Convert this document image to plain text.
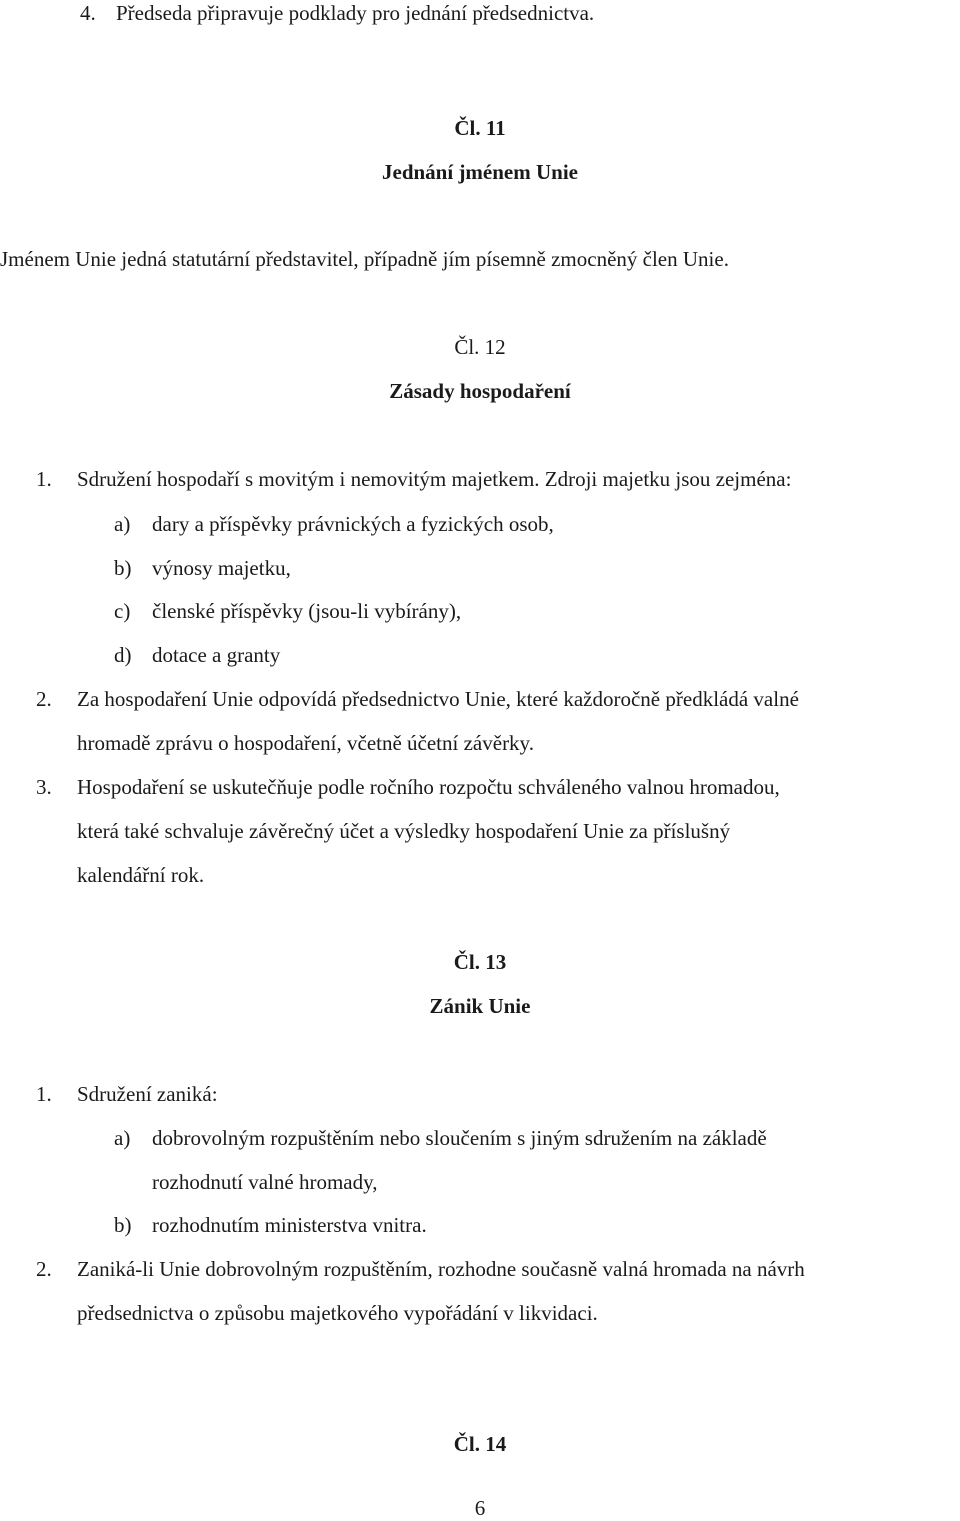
4. Předseda připravuje podklady pro jednání předsednictva.
Čl. 11
Jednání jménem Unie
Jménem Unie jedná statutární představitel, případně jím písemně zmocněný člen Unie.
Čl. 12
Zásady hospodaření
1. Sdružení hospodaří s movitým i nemovitým majetkem. Zdroji majetku jsou zejména:
a) dary a příspěvky právnických a fyzických osob,
b) výnosy majetku,
c) členské příspěvky (jsou-li vybírány),
d) dotace a granty
2. Za hospodaření Unie odpovídá předsednictvo Unie, které každoročně předkládá valné
hromadě zprávu o hospodaření, včetně účetní závěrky.
3. Hospodaření se uskutečňuje podle ročního rozpočtu schváleného valnou hromadou,
která také schvaluje závěrečný účet a výsledky hospodaření Unie za příslušný
kalendářní rok.
Čl. 13
Zánik Unie
1. Sdružení zaniká:
a) dobrovolným rozpuštěním nebo sloučením s jiným sdružením na základě
rozhodnutí valné hromady,
b) rozhodnutím ministerstva vnitra.
2. Zaniká-li Unie dobrovolným rozpuštěním, rozhodne současně valná hromada na návrh
předsednictva o způsobu majetkového vypořádání v likvidaci.
Čl. 14
6
